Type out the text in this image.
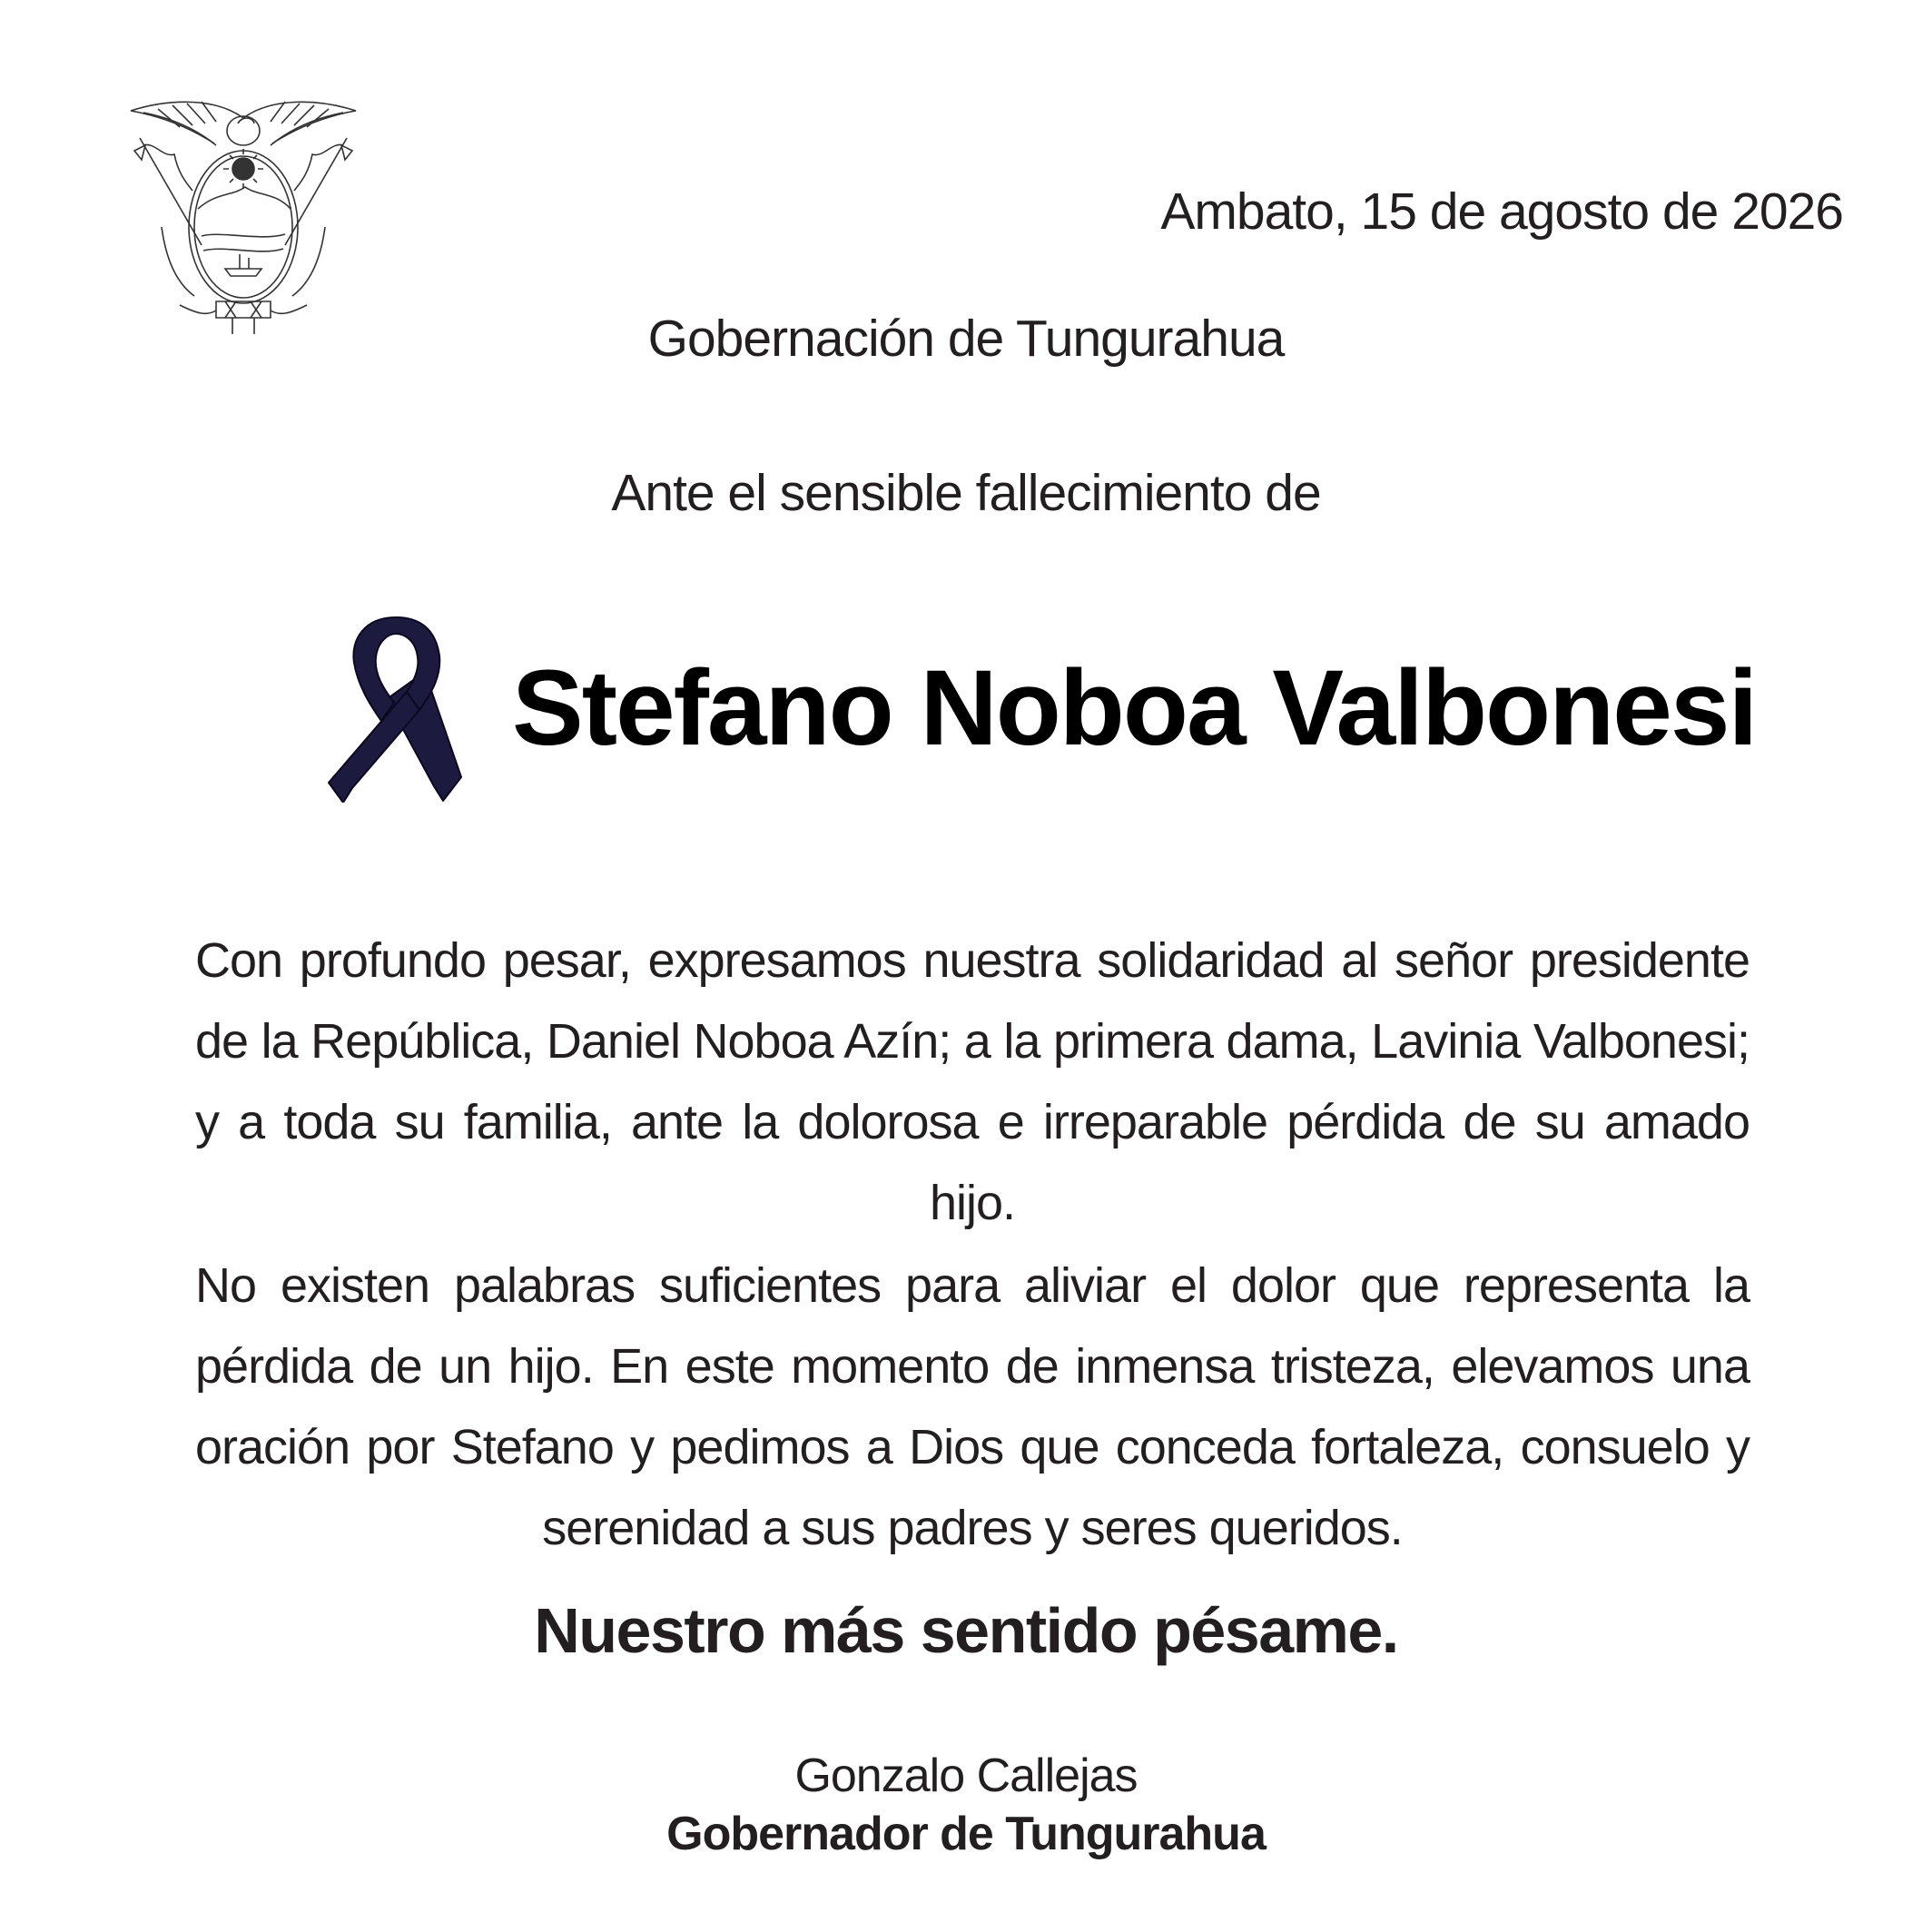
Ambato, 15 de agosto de 2026
Gobernación de Tungurahua
Ante el sensible fallecimiento de
Stefano Noboa Valbonesi

Con profundo pesar, expresamos nuestra solidaridad al señor presidente de la República, Daniel Noboa Azín; a la primera dama, Lavinia Valbonesi; y a toda su familia, ante la dolorosa e irreparable pérdida de su amado hijo.

No existen palabras suficientes para aliviar el dolor que representa la pérdida de un hijo. En este momento de inmensa tristeza, elevamos una oración por Stefano y pedimos a Dios que conceda fortaleza, consuelo y serenidad a sus padres y seres queridos.

Nuestro más sentido pésame.
Gonzalo Callejas
Gobernador de Tungurahua
